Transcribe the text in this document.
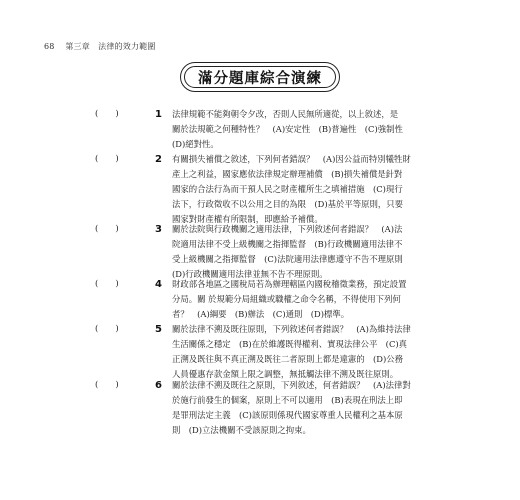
68 第三章　法律的效力範圍
滿分題庫綜合演練
(　　)	1 法律規範不能夠朝令夕改，否則人民無所適從，以上敘述，是
關於法規範之何種特性？　(A)安定性　(B)普遍性　(C)強制性
(D)絕對性。
(　　)	2 有關損失補償之敘述，下列何者錯誤？　(A)因公益而特別犧牲財
產上之利益，國家應依法律規定辦理補償　(B)損失補償是針對
國家的合法行為而干預人民之財產權所生之填補措施　(C)現行
法下，行政徵收不以公用之目的為限　(D)基於平等原則，只要
國家對財產權有所限制，即應給予補償。
(　　)	3 關於法院與行政機關之適用法律，下列敘述何者錯誤？　(A)法
院適用法律不受上級機關之指揮監督　(B)行政機關適用法律不
受上級機關之指揮監督　(C)法院適用法律應遵守不告不理原則
(D)行政機關適用法律並無不告不理原則。
(　　)	4 財政部各地區之國稅局若為辦理轄區內國稅稽徵業務，預定設置
分局。關 於規範分局組織或職權之命令名稱，不得使用下列何
者？　(A)綱要　(B)辦法　(C)通則　(D)標準。
(　　)	5 關於法律不溯及既往原則，下列敘述何者錯誤？　(A)為維持法律
生活關係之穩定　(B)在於維護既得權利、實現法律公平　(C)真
正溯及既往與不真正溯及既往二者原則上都是違憲的　(D)公務
人員優惠存款金額上限之調整，無抵觸法律不溯及既往原則。
(　　)	6 關於法律不溯及既往之原則，下列敘述，何者錯誤？　(A)法律對
於施行前發生的個案，原則上不可以適用　(B)表現在刑法上即
是罪刑法定主義　(C)該原則係現代國家尊重人民權利之基本原
則　(D)立法機關不受該原則之拘束。
